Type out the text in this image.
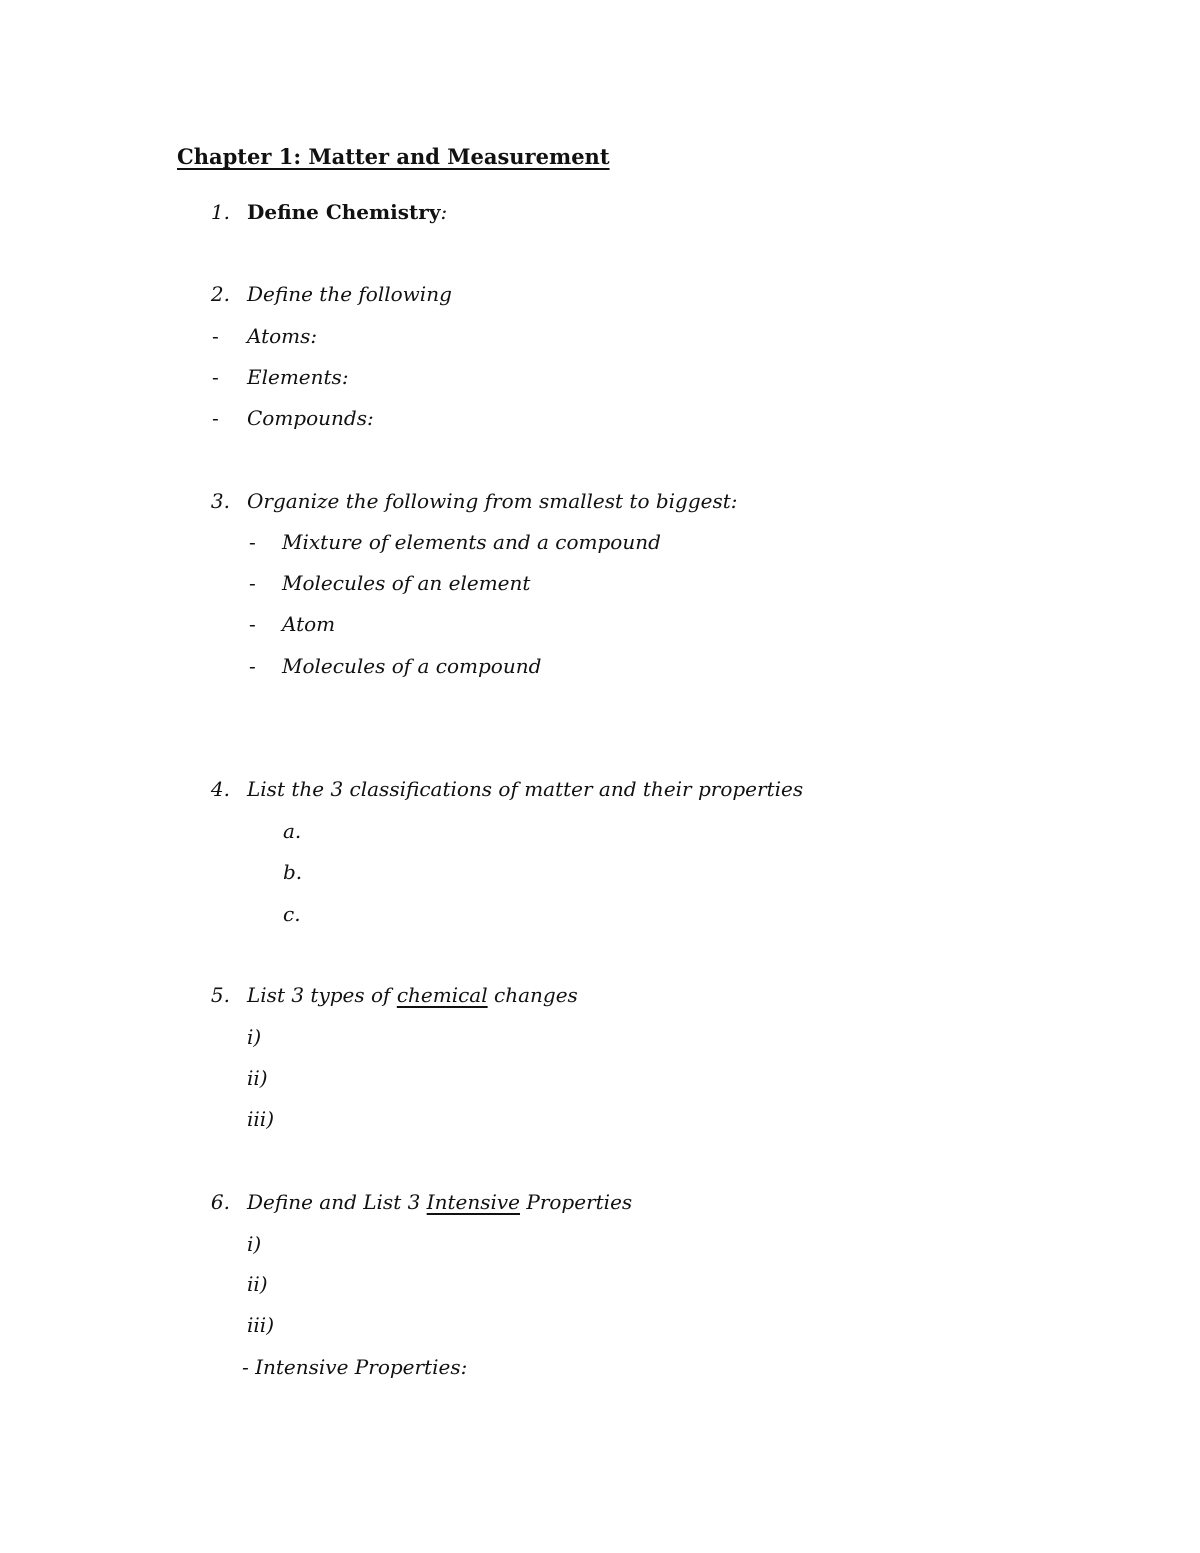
Chapter 1: Matter and Measurement
1. Define Chemistry:
2. Define the following
- Atoms:
- Elements:
- Compounds:
3. Organize the following from smallest to biggest:
- Mixture of elements and a compound
- Molecules of an element
- Atom
- Molecules of a compound
4. List the 3 classifications of matter and their properties
a.
b.
c.
5. List 3 types of chemical changes
i)
ii)
iii)
6. Define and List 3 Intensive Properties
i)
ii)
iii)
- Intensive Properties:
